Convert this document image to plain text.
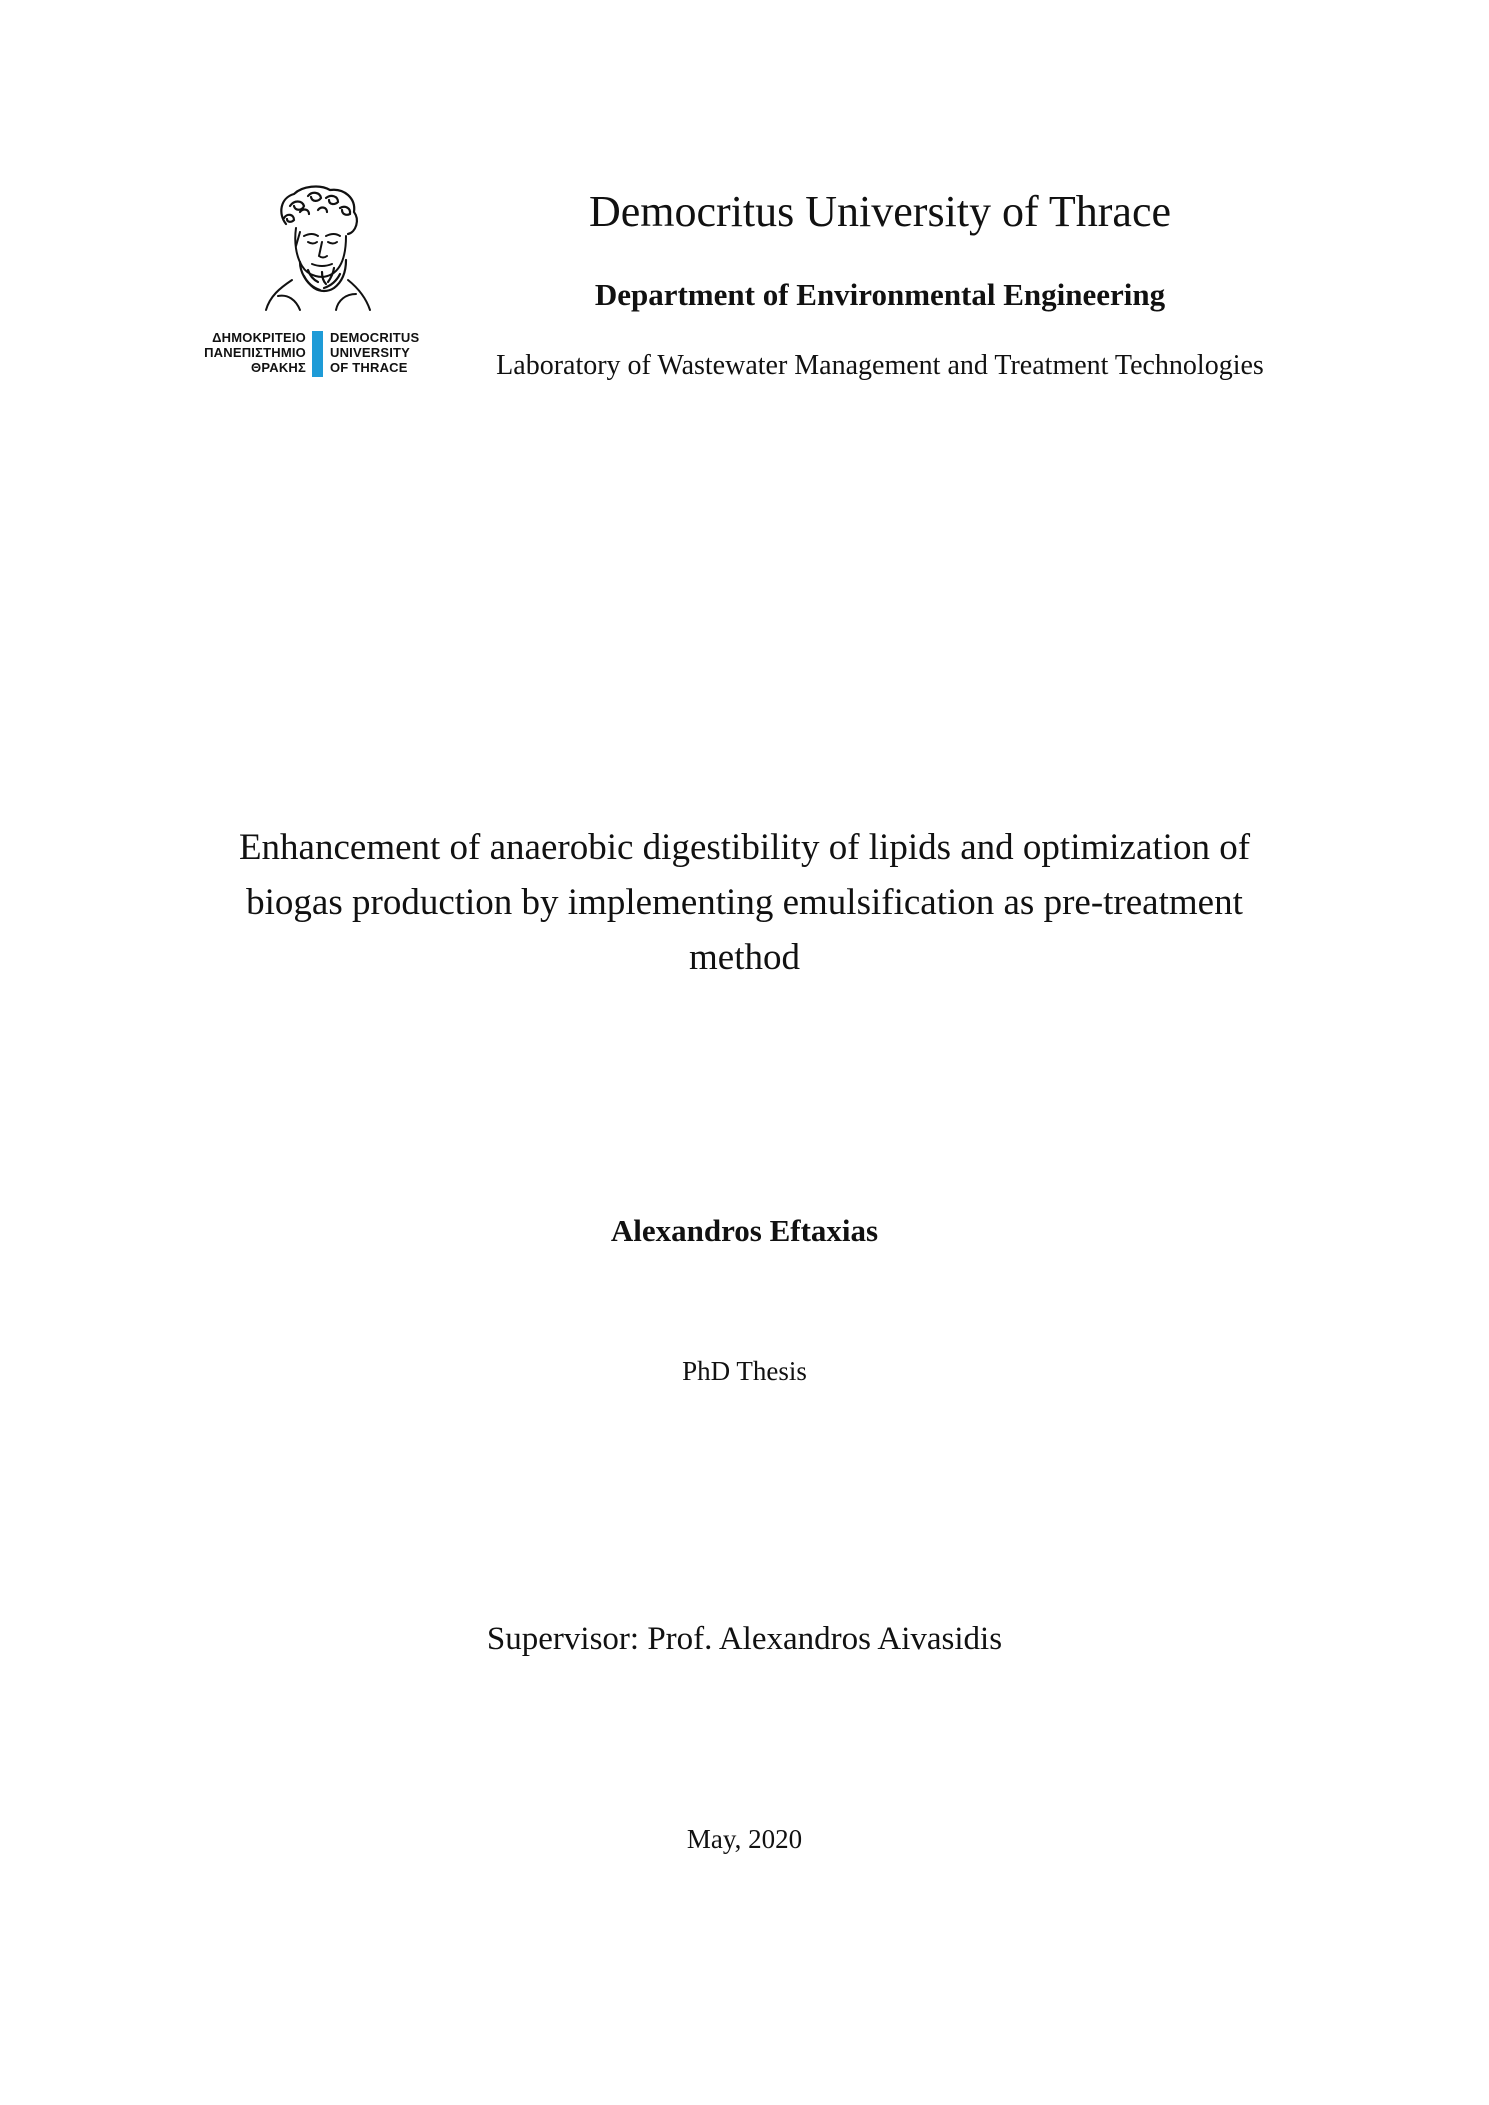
ΔΗΜΟΚΡΙΤΕΙΟ
ΠΑΝΕΠΙΣΤΗΜΙΟ
ΘΡΑΚΗΣ
DEMOCRITUS
UNIVERSITY
OF THRACE
Democritus University of Thrace
Department of Environmental Engineering
Laboratory of Wastewater Management and Treatment Technologies
Enhancement of anaerobic digestibility of lipids and optimization of
biogas production by implementing emulsification as pre-treatment
method
Alexandros Eftaxias
PhD Thesis
Supervisor: Prof. Alexandros Aivasidis
May, 2020
